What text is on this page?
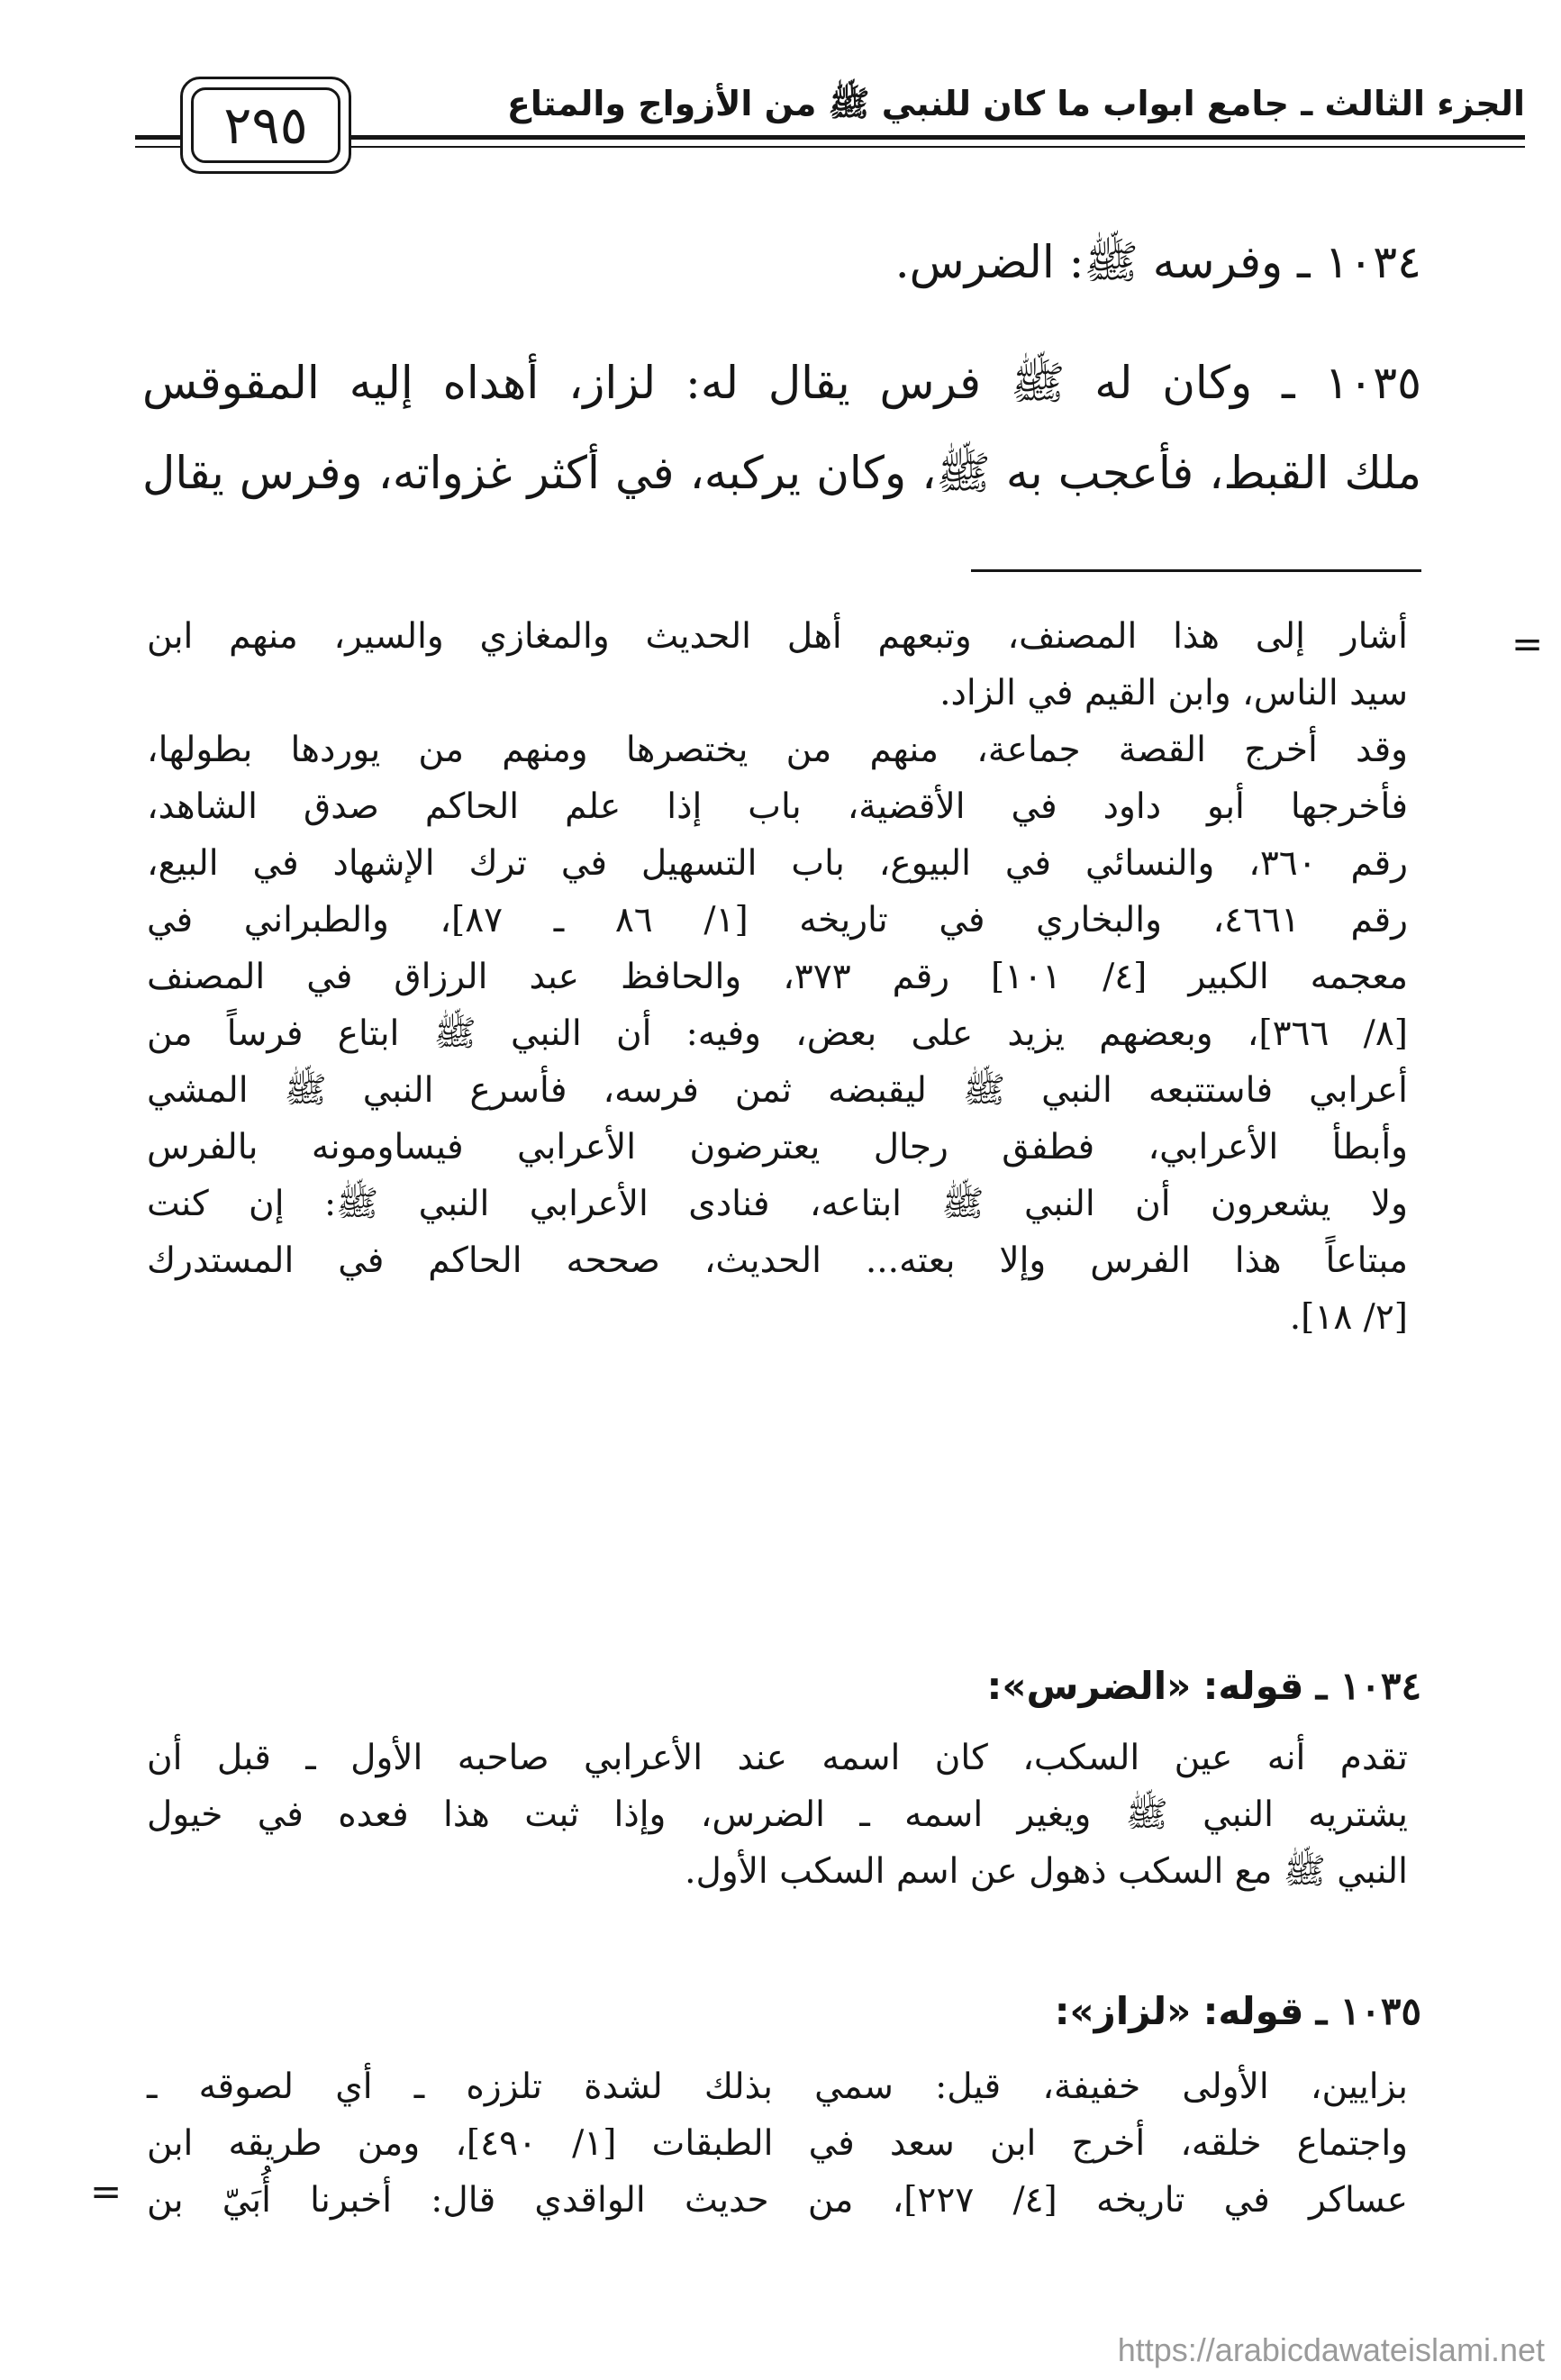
الجزء الثالث ـ جامع ابواب ما كان للنبي ﷺ من الأزواج والمتاع
٢٩٥
١٠٣٤ ـ وفرسه ﷺ: الضرس.
١٠٣٥ ـ وكان له ﷺ فرس يقال له: لزاز، أهداه إليه المقوقس
ملك القبط، فأعجب به ﷺ، وكان يركبه، في أكثر غزواته، وفرس يقال
=
أشار إلى هذا المصنف، وتبعهم أهل الحديث والمغازي والسير، منهم ابن
سيد الناس، وابن القيم في الزاد.
وقد أخرج القصة جماعة، منهم من يختصرها ومنهم من يوردها بطولها،
فأخرجها أبو داود في الأقضية، باب إذا علم الحاكم صدق الشاهد،
رقم ٣٦٠، والنسائي في البيوع، باب التسهيل في ترك الإشهاد في البيع،
رقم ٤٦٦١، والبخاري في تاريخه [١/ ٨٦ ـ ٨٧]، والطبراني في
معجمه الكبير [٤/ ١٠١] رقم ٣٧٣، والحافظ عبد الرزاق في المصنف
[٨/ ٣٦٦]، وبعضهم يزيد على بعض، وفيه: أن النبي ﷺ ابتاع فرساً من
أعرابي فاستتبعه النبي ﷺ ليقبضه ثمن فرسه، فأسرع النبي ﷺ المشي
وأبطأ الأعرابي، فطفق رجال يعترضون الأعرابي فيساومونه بالفرس
ولا يشعرون أن النبي ﷺ ابتاعه، فنادى الأعرابي النبي ﷺ: إن كنت
مبتاعاً هذا الفرس وإلا بعته... الحديث، صححه الحاكم في المستدرك
[٢/ ١٨].
١٠٣٤ ـ قوله: «الضرس»:
تقدم أنه عين السكب، كان اسمه عند الأعرابي صاحبه الأول ـ قبل أن
يشتريه النبي ﷺ ويغير اسمه ـ الضرس، وإذا ثبت هذا فعده في خيول
النبي ﷺ مع السكب ذهول عن اسم السكب الأول.
١٠٣٥ ـ قوله: «لزاز»:
بزايين، الأولى خفيفة، قيل: سمي بذلك لشدة تلززه ـ أي لصوقه ـ
واجتماع خلقه، أخرج ابن سعد في الطبقات [١/ ٤٩٠]، ومن طريقه ابن
عساكر في تاريخه [٤/ ٢٢٧]، من حديث الواقدي قال: أخبرنا أُبَيّ بن
=
https://arabicdawateislami.net
